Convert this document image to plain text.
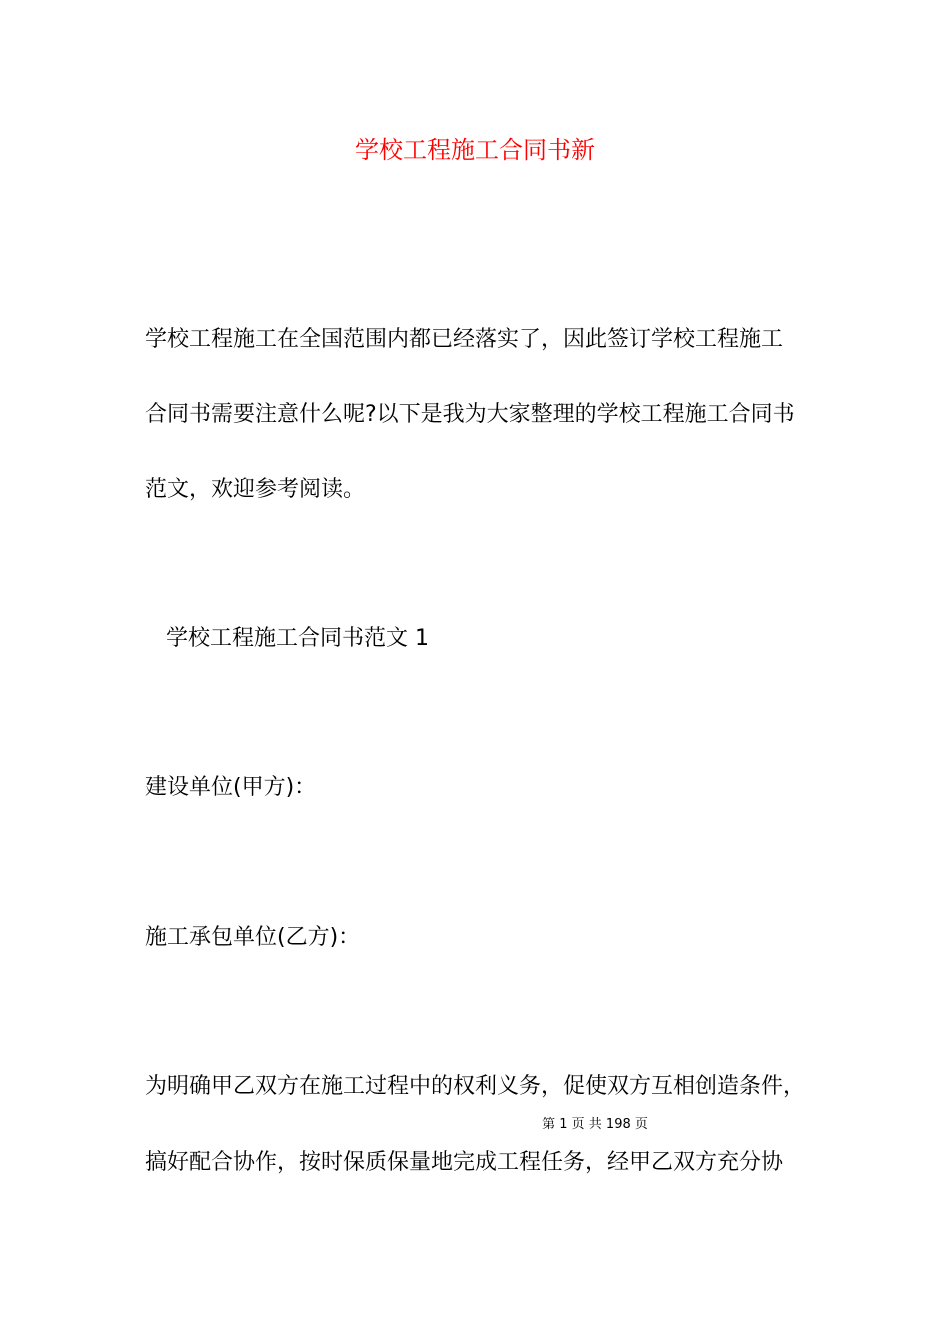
学校工程施工合同书新
学校工程施工在全国范围内都已经落实了，因此签订学校工程施工
合同书需要注意什么呢?以下是我为大家整理的学校工程施工合同书
范文，欢迎参考阅读。
学校工程施工合同书范文 1
建设单位(甲方)：
施工承包单位(乙方)：
为明确甲乙双方在施工过程中的权利义务，促使双方互相创造条件，
第 1 页 共 198 页
搞好配合协作，按时保质保量地完成工程任务，经甲乙双方充分协
